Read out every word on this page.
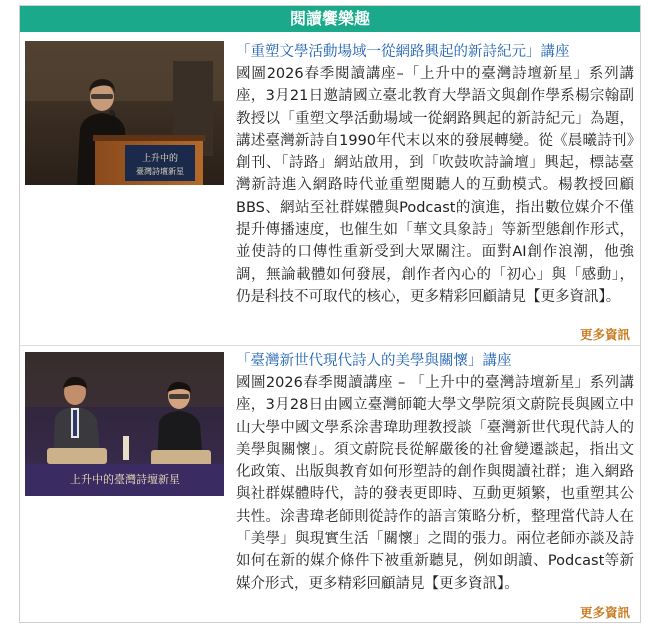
閱讀饗樂趣
上升中的
臺灣詩壇新星
「重塑文學活動場域一從網路興起的新詩紀元」講座

國圖2026春季閱讀講座–「上升中的臺灣詩壇新星」系列講座，3月21日邀請國立臺北教育大學語文與創作學系楊宗翰副教授以「重塑文學活動場域一從網路興起的新詩紀元」為題，講述臺灣新詩自1990年代末以來的發展轉變。從《晨曦詩刊》創刊、「詩路」網站啟用，到「吹鼓吹詩論壇」興起，標誌臺灣新詩進入網路時代並重塑閱聽人的互動模式。楊教授回顧BBS、網站至社群媒體與Podcast的演進，指出數位媒介不僅提升傳播速度，也催生如「華文具象詩」等新型態創作形式，並使詩的口傳性重新受到大眾關注。面對AI創作浪潮，他強調，無論載體如何發展，創作者內心的「初心」與「感動」，仍是科技不可取代的核心，更多精彩回顧請見【更多資訊】。

更多資訊
上升中的臺灣詩壇新星
「臺灣新世代現代詩人的美學與關懷」講座

國圖2026春季閱讀講座 – 「上升中的臺灣詩壇新星」系列講座，3月28日由國立臺灣師範大學文學院須文蔚院長與國立中山大學中國文學系涂書瑋助理教授談「臺灣新世代現代詩人的美學與關懷」。須文蔚院長從解嚴後的社會變遷談起，指出文化政策、出版與教育如何形塑詩的創作與閱讀社群；進入網路與社群媒體時代，詩的發表更即時、互動更頻繁，也重塑其公共性。涂書瑋老師則從詩作的語言策略分析，整理當代詩人在「美學」與現實生活「關懷」之間的張力。兩位老師亦談及詩如何在新的媒介條件下被重新聽見，例如朗讀、Podcast等新媒介形式，更多精彩回顧請見【更多資訊】。

更多資訊
